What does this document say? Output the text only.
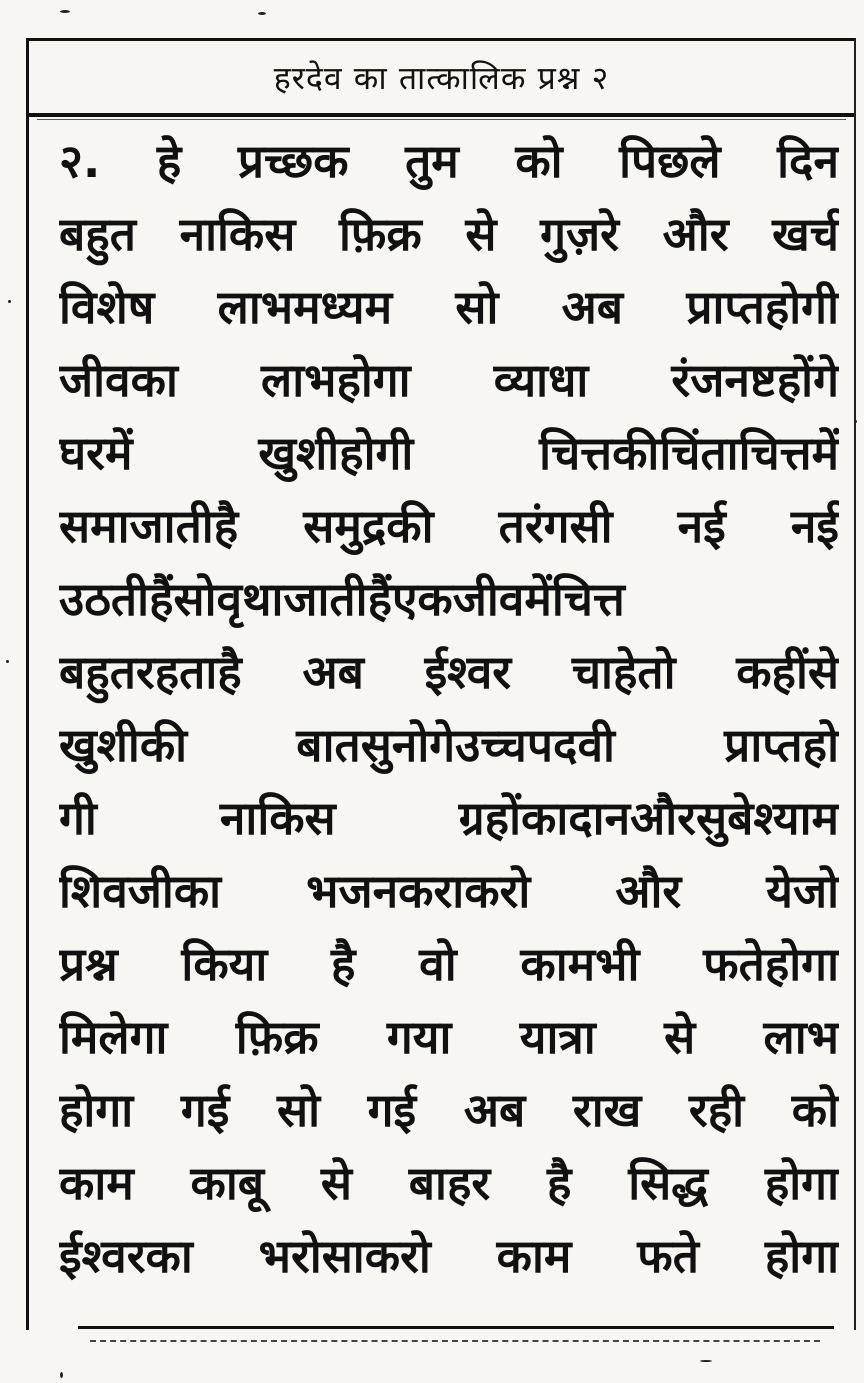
हरदेव का तात्कालिक प्रश्न २
२. हे प्रच्छक तुम को पिछले दिन
बहुत नाकिस फ़िक्र से गुज़रे और खर्च
विशेष लाभमध्यम सो अब प्राप्तहोगी
जीवका लाभहोगा व्याधा रंजनष्टहोंगे
घरमें खुशीहोगी चित्तकीचिंताचित्तमें
समाजातीहै समुद्रकी तरंगसी नई नई
उठतीहैंसोवृथाजातीहैंएकजीवमेंचित्त
बहुतरहताहै अब ईश्वर चाहेतो कहींसे
खुशीकी बातसुनोगेउच्चपदवी प्राप्तहो
गी नाकिस ग्रहोंकादानऔरसुबेश्याम
शिवजीका भजनकराकरो और येजो
प्रश्न किया है वो कामभी फतेहोगा
मिलेगा फ़िक्र गया यात्रा से लाभ
होगा गई सो गई अब राख रही को
काम काबू से बाहर है सिद्ध होगा
ईश्वरका भरोसाकरो काम फते होगा
